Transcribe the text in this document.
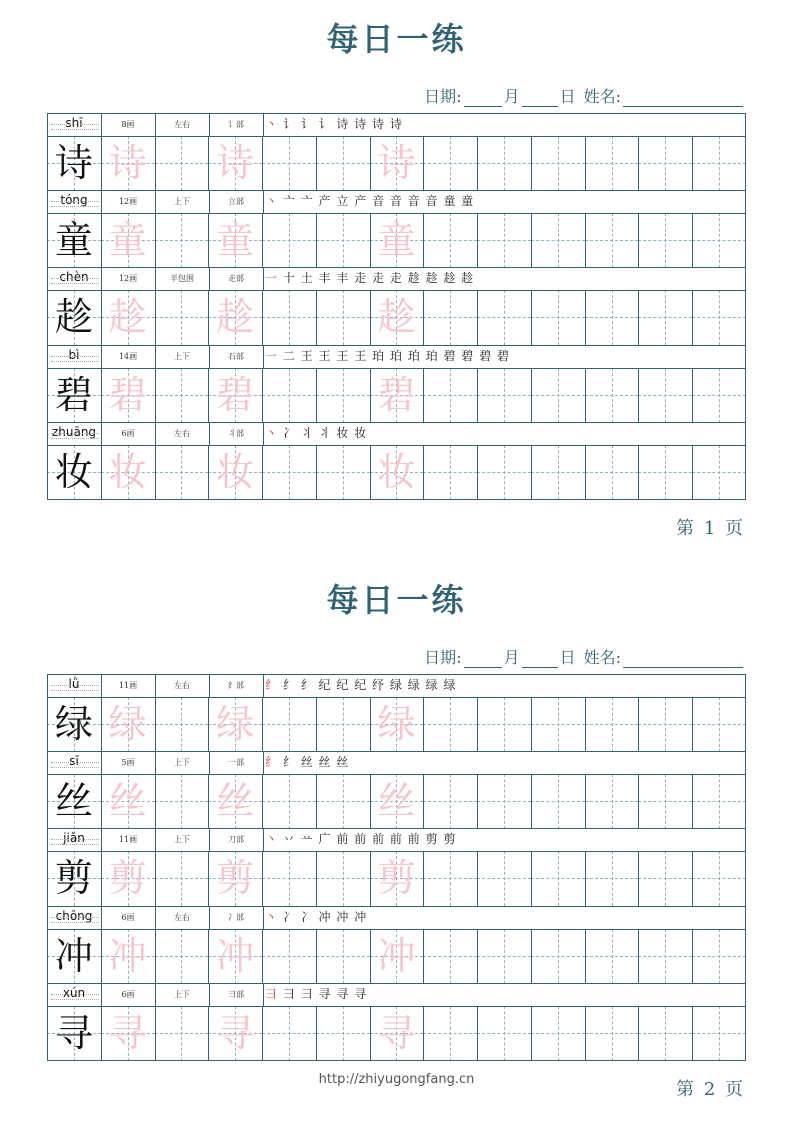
每日一练
日期:	月	日 姓名:
shī	8画	左右	讠部	丶 讠 讠 讠 诗 诗 诗 诗
诗 诗 诗	诗
tóng	12画	上下	立部	丶 亠 亠 产 立 产 音 音 音 音 童 童
童 童 童	童
chèn	12画	半包围	走部	一 十 土 丰 丰 走 走 走 趁 趁 趁 趁
趁 趁 趁	趁
bì	14画	上下	石部	一 二 王 王 王 王 珀 珀 珀 珀 碧 碧 碧 碧
碧 碧 碧	碧
zhuāng	6画	左右	丬部	丶 冫 丬 丬 妆 妆
妆 妆 妆	妆
第 1 页
每日一练
日期:	月	日 姓名:
lǜ	11画	左右	纟部	纟 纟 纟 纪 纪 纪 纾 绿 绿 绿 绿
绿 绿 绿	绿
sī	5画	上下	一部	纟 纟 丝 丝 丝
丝 丝 丝	丝
jiǎn	11画	上下	刀部	丶 丷 䒑 广 前 前 前 前 前 剪 剪
剪 剪 剪	剪
chōng	6画	左右	冫部	丶 冫 冫 冲 冲 冲
冲 冲 冲	冲
xún	6画	上下	彐部	彐 彐 彐 寻 寻 寻
寻 寻 寻	寻
第 2 页
http://zhiyugongfang.cn
